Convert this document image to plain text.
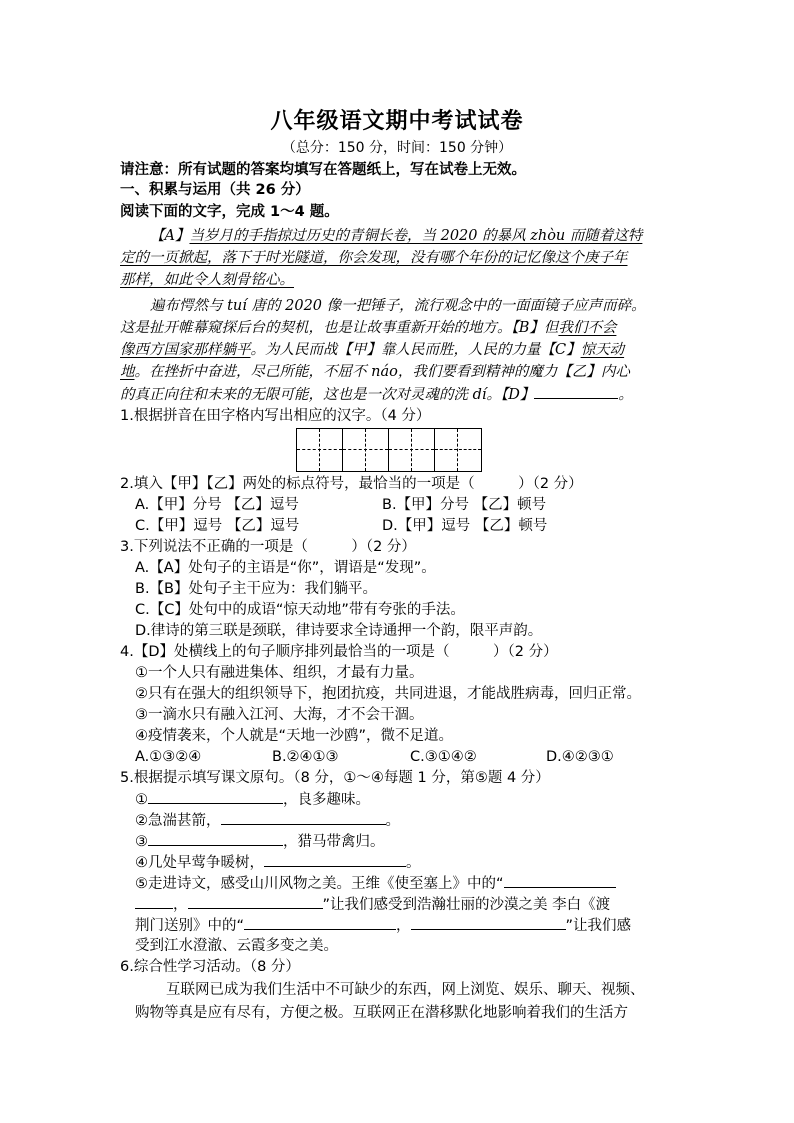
八年级语文期中考试试卷
（总分：150 分，时间：150 分钟）
请注意：所有试题的答案均填写在答题纸上，写在试卷上无效。
一、积累与运用（共 26 分）
阅读下面的文字，完成 1～4 题。
【A】当岁月的手指掠过历史的青铜长卷，当 2020 的暴风 zhòu 而随着这特
定的一页掀起，落下于时光隧道，你会发现，没有哪个年份的记忆像这个庚子年
那样，如此令人刻骨铭心。
遍布愕然与 tuí 唐的 2020 像一把锤子，流行观念中的一面面镜子应声而碎。
这是扯开帷幕窥探后台的契机，也是让故事重新开始的地方。【B】但我们不会
像西方国家那样躺平。为人民而战【甲】靠人民而胜，人民的力量【C】惊天动
地。在挫折中奋进，尽己所能，不屈不 náo，我们要看到精神的魔力【乙】内心
的真正向往和未来的无限可能，这也是一次对灵魂的洗 dí。【D】	。
1.根据拼音在田字格内写出相应的汉字。（4 分）
2.填入【甲】【乙】两处的标点符号，最恰当的一项是（　　　）（2 分）
A.【甲】分号 【乙】逗号	B.【甲】分号 【乙】顿号
C.【甲】逗号 【乙】逗号	D.【甲】逗号 【乙】顿号
3.下列说法不正确的一项是（　　　）（2 分）
A.【A】处句子的主语是“你”，谓语是“发现”。
B.【B】处句子主干应为：我们躺平。
C.【C】处句中的成语“惊天动地”带有夸张的手法。
D.律诗的第三联是颈联，律诗要求全诗通押一个韵，限平声韵。
4.【D】处横线上的句子顺序排列最恰当的一项是（　　　）（2 分）
①一个人只有融进集体、组织，才最有力量。
②只有在强大的组织领导下，抱团抗疫，共同进退，才能战胜病毒，回归正常。
③一滴水只有融入江河、大海，才不会干涸。
④疫情袭来，个人就是“天地一沙鸥”，微不足道。
A.①③②④	B.②④①③	C.③①④②	D.④②③①
5.根据提示填写课文原句。（8 分，①～④每题 1 分，第⑤题 4 分）
①	，良多趣味。
②急湍甚箭，	。
③	，猎马带禽归。
④几处早莺争暖树，	。
⑤走进诗文，感受山川风物之美。王维《使至塞上》中的“
，	”让我们感受到浩瀚壮丽的沙漠之美 李白《渡
荆门送别》中的“	，	”让我们感
受到江水澄澈、云霞多变之美。
6.综合性学习活动。（8 分）
互联网已成为我们生活中不可缺少的东西，网上浏览、娱乐、聊天、视频、
购物等真是应有尽有，方便之极。互联网正在潜移默化地影响着我们的生活方
